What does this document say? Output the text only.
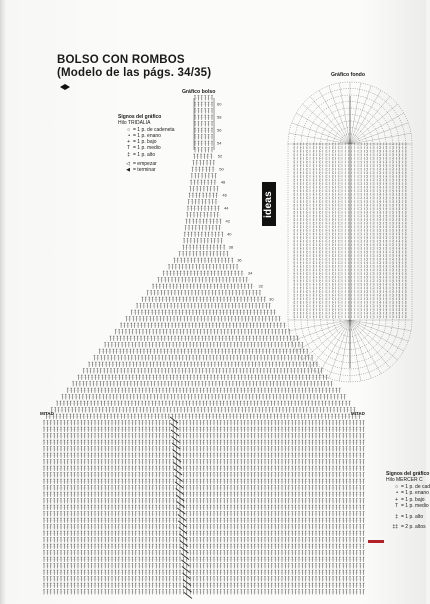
BOLSO CON ROMBOS
(Modelo de las págs. 34/35)
Signos del gráfico
Hilo TRIDALIA
○ = 1 p. de cadeneta
• = 1 p. enano
+ = 1 p. bajo
T = 1 p. medio
‡ = 1 p. alto
◁ = empezar
◀ = terminar
Gráfico bolso
Gráfico fondo
MITAD	MITAD
ideas
60
58
56
54
52
50
48
46
44
42
40
38
36
34
32
30
Signos del gráfico
Hilo MERCER C
○ = 1 p. de cad
• = 1 p. enano
+ = 1 p. bajo
T = 1 p. medio
‡ = 1 p. alto
‡‡ = 2 p. altos
